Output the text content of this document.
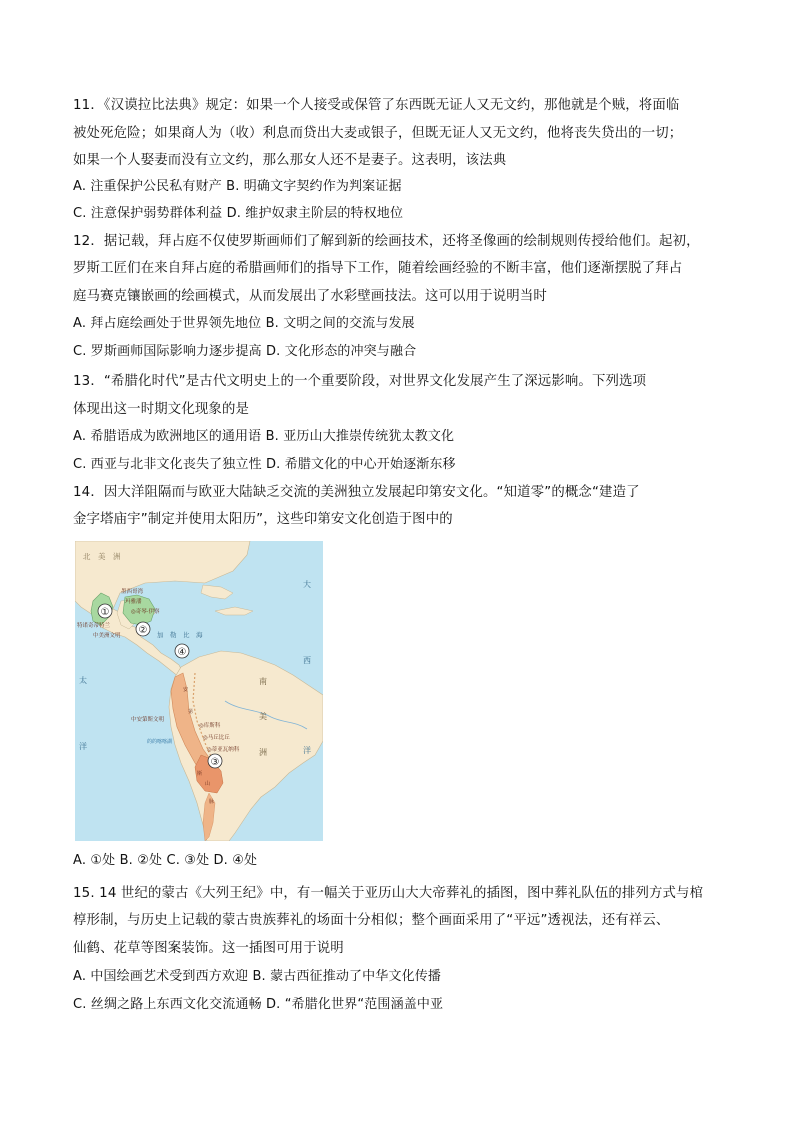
11．《汉谟拉比法典》规定：如果一个人接受或保管了东西既无证人又无文约，那他就是个贼，将面临
被处死危险；如果商人为（收）利息而贷出大麦或银子，但既无证人又无文约，他将丧失贷出的一切；
如果一个人娶妻而没有立文约，那么那女人还不是妻子。这表明，该法典
A. 注重保护公民私有财产 B. 明确文字契约作为判案证据
C. 注意保护弱势群体利益 D. 维护奴隶主阶层的特权地位
12．据记载，拜占庭不仅使罗斯画师们了解到新的绘画技术，还将圣像画的绘制规则传授给他们。起初，
罗斯工匠们在来自拜占庭的希腊画师们的指导下工作，随着绘画经验的不断丰富，他们逐渐摆脱了拜占
庭马赛克镶嵌画的绘画模式，从而发展出了水彩壁画技法。这可以用于说明当时
A. 拜占庭绘画处于世界领先地位 B. 文明之间的交流与发展
C. 罗斯画师国际影响力逐步提高 D. 文化形态的冲突与融合
13．“希腊化时代”是古代文明史上的一个重要阶段，对世界文化发展产生了深远影响。下列选项
体现出这一时期文化现象的是
A. 希腊语成为欧洲地区的通用语 B. 亚历山大推崇传统犹太教文化
C. 西亚与北非文化丧失了独立性 D. 希腊文化的中心开始逐渐东移
14．因大洋阻隔而与欧亚大陆缺乏交流的美洲独立发展起印第安文化。“知道零”的概念“建造了
金字塔庙宇”制定并使用太阳历”，这些印第安文化创造于图中的
北　美　洲
大
西
洋
太
洋
南
美
洲
墨西哥湾
玛雅潘
◎奇琴·伊察
特诺奇蒂特兰
中美洲文明	加　勒　比　海
中安第斯文明
◎库斯科
◎马丘比丘
的的喀喀湖
◎蒂亚瓦纳科
安
第
斯
山
脉
①
②
④
③
A. ①处 B. ②处 C. ③处 D. ④处
15. 14 世纪的蒙古《大列王纪》中，有一幅关于亚历山大大帝葬礼的插图，图中葬礼队伍的排列方式与棺
椁形制，与历史上记载的蒙古贵族葬礼的场面十分相似；整个画面采用了“平远”透视法，还有祥云、
仙鹤、花草等图案装饰。这一插图可用于说明
A. 中国绘画艺术受到西方欢迎 B. 蒙古西征推动了中华文化传播
C. 丝绸之路上东西文化交流通畅 D. “希腊化世界“范围涵盖中亚
